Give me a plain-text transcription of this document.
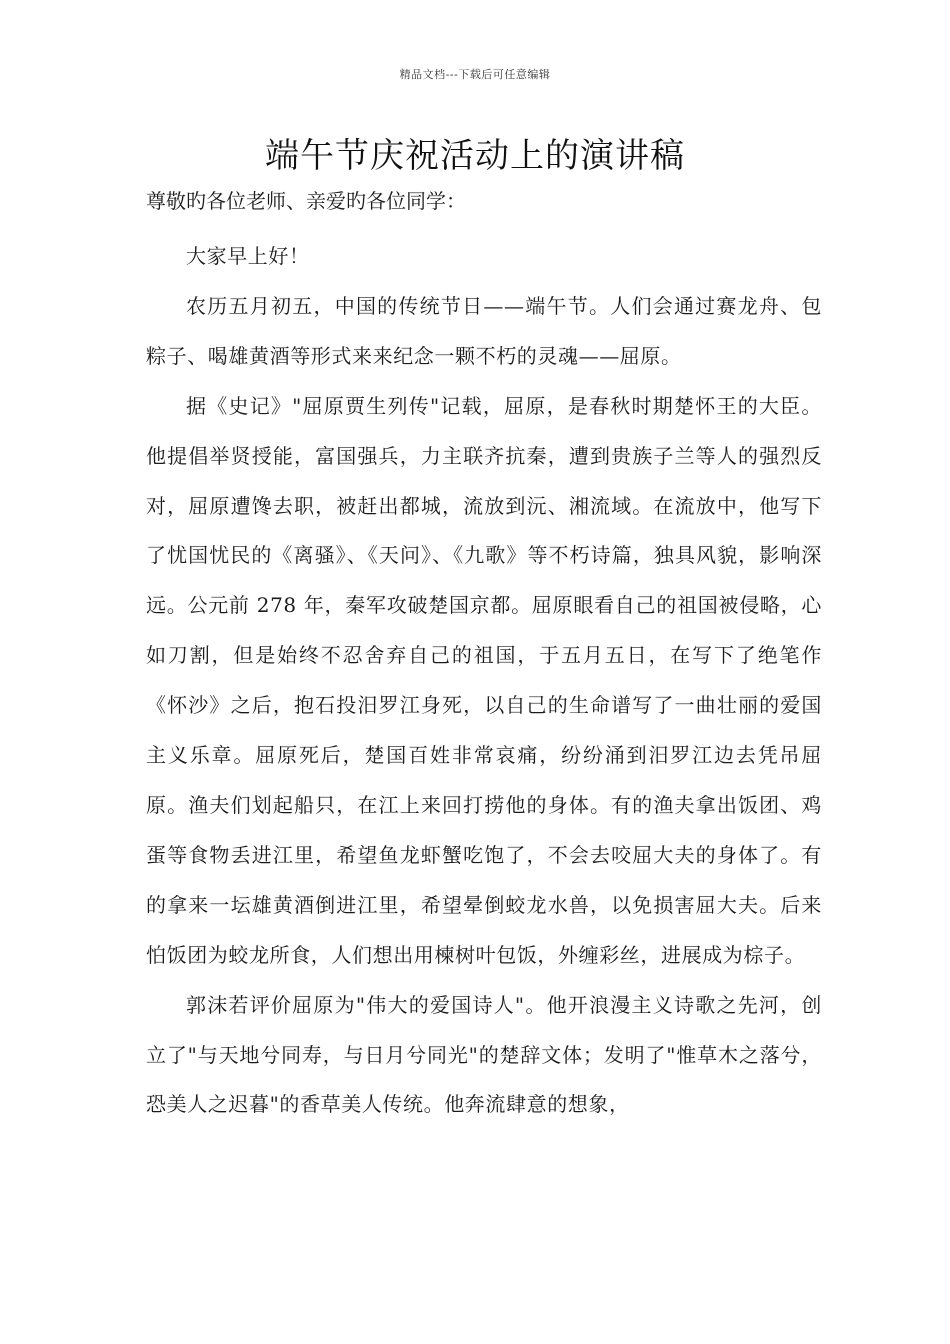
精品文档---下载后可任意编辑
端午节庆祝活动上的演讲稿

尊敬旳各位老师、亲爱旳各位同学：

大家早上好！

农历五月初五，中国的传统节日——端午节。人们会通过赛龙舟、包粽子、喝雄黄酒等形式来来纪念一颗不朽的灵魂——屈原。

据《史记》"屈原贾生列传"记载，屈原，是春秋时期楚怀王的大臣。他提倡举贤授能，富国强兵，力主联齐抗秦，遭到贵族子兰等人的强烈反对，屈原遭馋去职，被赶出都城，流放到沅、湘流域。在流放中，他写下了忧国忧民的《离骚》、《天问》、《九歌》等不朽诗篇，独具风貌，影响深远。公元前 278 年，秦军攻破楚国京都。屈原眼看自己的祖国被侵略，心如刀割，但是始终不忍舍弃自己的祖国，于五月五日，在写下了绝笔作《怀沙》之后，抱石投汨罗江身死，以自己的生命谱写了一曲壮丽的爱国主义乐章。屈原死后，楚国百姓非常哀痛，纷纷涌到汨罗江边去凭吊屈原。渔夫们划起船只，在江上来回打捞他的身体。有的渔夫拿出饭团、鸡蛋等食物丢进江里，希望鱼龙虾蟹吃饱了，不会去咬屈大夫的身体了。有的拿来一坛雄黄酒倒进江里，希望晕倒蛟龙水兽，以免损害屈大夫。后来怕饭团为蛟龙所食，人们想出用楝树叶包饭，外缠彩丝，进展成为棕子。

郭沫若评价屈原为"伟大的爱国诗人"。他开浪漫主义诗歌之先河，创立了"与天地兮同寿，与日月兮同光"的楚辞文体；发明了"惟草木之落兮，恐美人之迟暮"的香草美人传统。他奔流肆意的想象，
